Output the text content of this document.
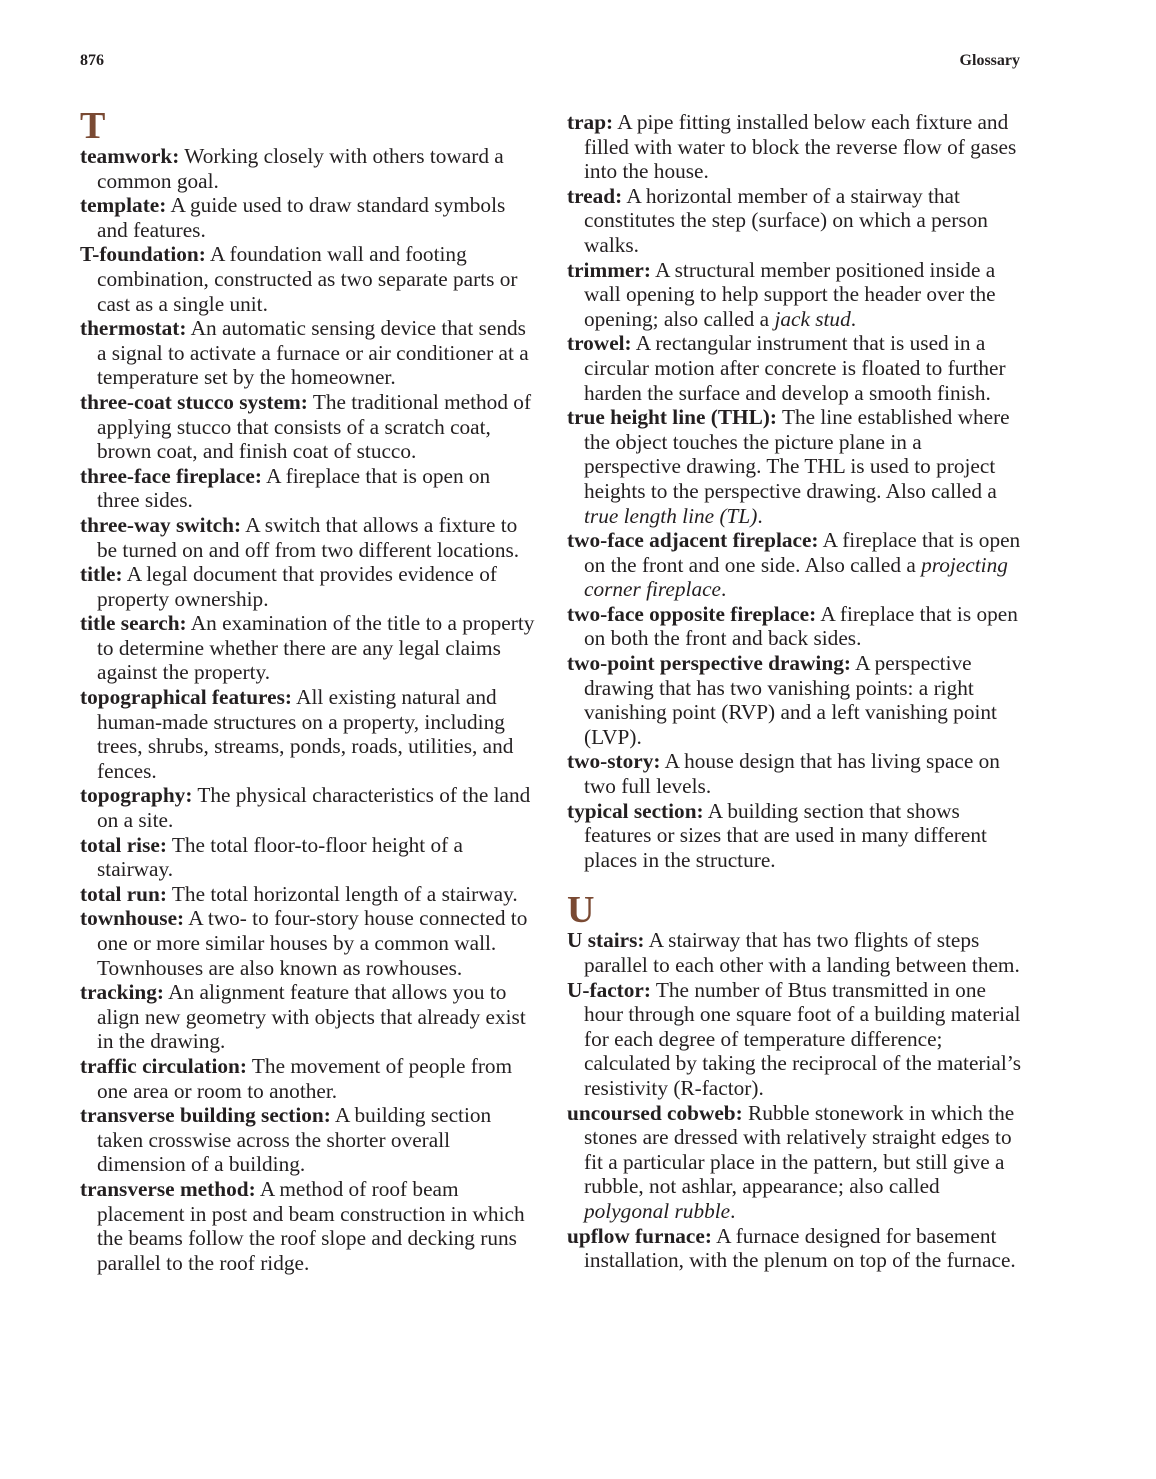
876	Glossary
T

teamwork: Working closely with others toward a common goal.

template: A guide used to draw standard symbols and features.

T-foundation: A foundation wall and footing combination, constructed as two separate parts or cast as a single unit.

thermostat: An automatic sensing device that sends a signal to activate a furnace or air conditioner at a temperature set by the homeowner.

three-coat stucco system: The traditional method of applying stucco that consists of a scratch coat, brown coat, and finish coat of stucco.

three-face fireplace: A fireplace that is open on three sides.

three-way switch: A switch that allows a fixture to be turned on and off from two different locations.

title: A legal document that provides evidence of property ownership.

title search: An examination of the title to a property to determine whether there are any legal claims against the property.

topographical features: All existing natural and human-made structures on a property, including trees, shrubs, streams, ponds, roads, utilities, and fences.

topography: The physical characteristics of the land on a site.

total rise: The total floor-to-floor height of a stairway.

total run: The total horizontal length of a stairway.

townhouse: A two- to four-story house connected to one or more similar houses by a common wall. Townhouses are also known as rowhouses.

tracking: An alignment feature that allows you to align new geometry with objects that already exist in the drawing.

traffic circulation: The movement of people from one area or room to another.

transverse building section: A building section taken crosswise across the shorter overall dimension of a building.

transverse method: A method of roof beam placement in post and beam construction in which the beams follow the roof slope and decking runs parallel to the roof ridge.

trap: A pipe fitting installed below each fixture and filled with water to block the reverse flow of gases into the house.

tread: A horizontal member of a stairway that constitutes the step (surface) on which a person walks.

trimmer: A structural member positioned inside a wall opening to help support the header over the opening; also called a jack stud.

trowel: A rectangular instrument that is used in a circular motion after concrete is floated to further harden the surface and develop a smooth finish.

true height line (THL): The line established where the object touches the picture plane in a perspective drawing. The THL is used to project heights to the perspective drawing. Also called a true length line (TL).

two-face adjacent fireplace: A fireplace that is open on the front and one side. Also called a projecting corner fireplace.

two-face opposite fireplace: A fireplace that is open on both the front and back sides.

two-point perspective drawing: A perspective drawing that has two vanishing points: a right vanishing point (RVP) and a left vanishing point (LVP).

two-story: A house design that has living space on two full levels.

typical section: A building section that shows features or sizes that are used in many different places in the structure.

U

U stairs: A stairway that has two flights of steps parallel to each other with a landing between them.

U-factor: The number of Btus transmitted in one hour through one square foot of a building material for each degree of temperature difference; calculated by taking the reciprocal of the material’s resistivity (R-factor).

uncoursed cobweb: Rubble stonework in which the stones are dressed with relatively straight edges to fit a particular place in the pattern, but still give a rubble, not ashlar, appearance; also called polygonal rubble.

upflow furnace: A furnace designed for basement installation, with the plenum on top of the furnace.
